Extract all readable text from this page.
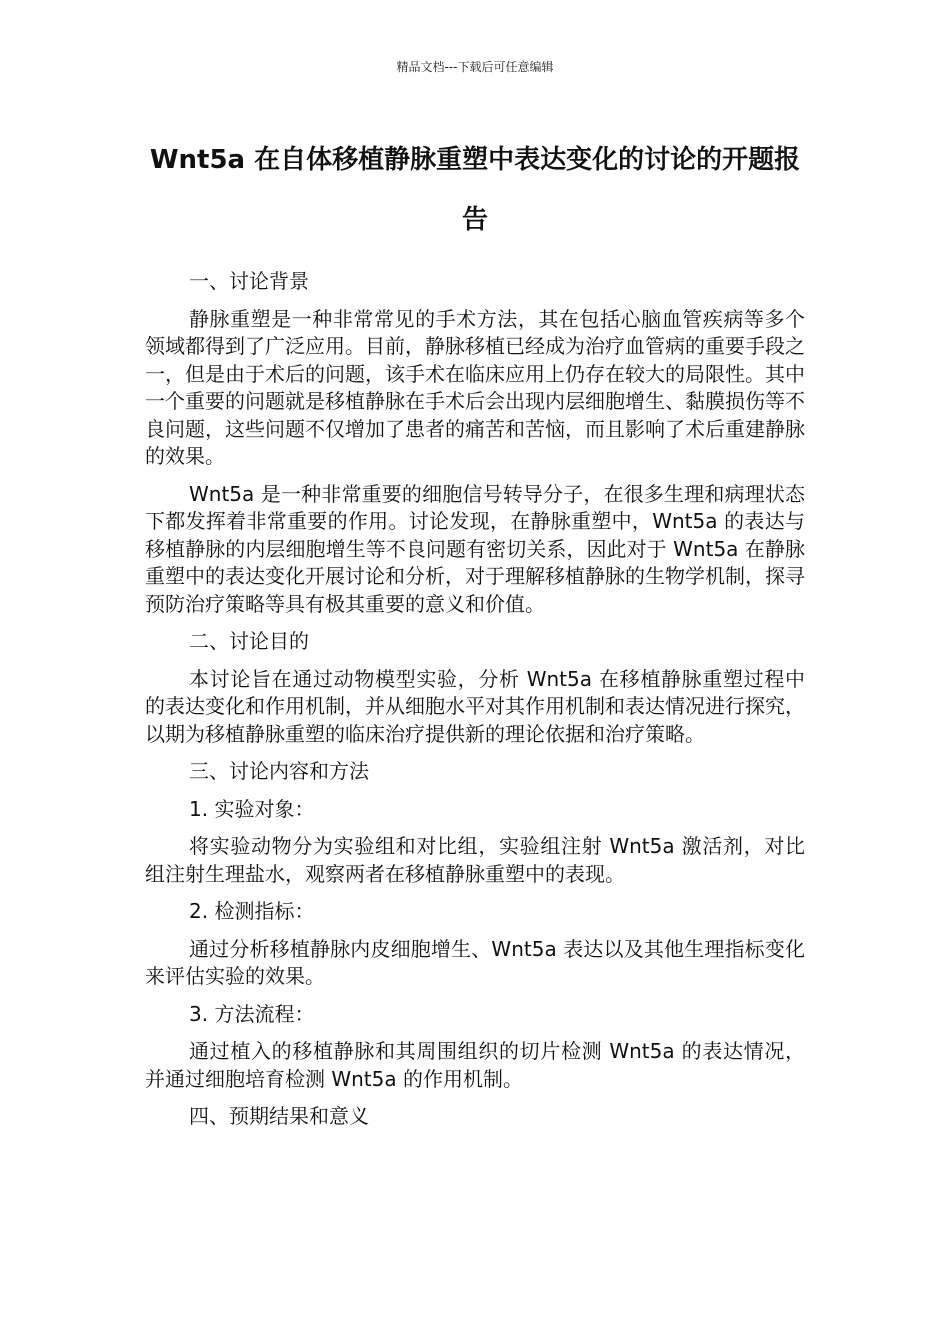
精品文档---下载后可任意编辑
Wnt5a 在自体移植静脉重塑中表达变化的讨论的开题报告

一、讨论背景

静脉重塑是一种非常常见的手术方法，其在包括心脑血管疾病等多个领域都得到了广泛应用。目前，静脉移植已经成为治疗血管病的重要手段之一，但是由于术后的问题，该手术在临床应用上仍存在较大的局限性。其中一个重要的问题就是移植静脉在手术后会出现内层细胞增生、黏膜损伤等不良问题，这些问题不仅增加了患者的痛苦和苦恼，而且影响了术后重建静脉的效果。

Wnt5a 是一种非常重要的细胞信号转导分子，在很多生理和病理状态下都发挥着非常重要的作用。讨论发现，在静脉重塑中，Wnt5a 的表达与移植静脉的内层细胞增生等不良问题有密切关系，因此对于 Wnt5a 在静脉重塑中的表达变化开展讨论和分析，对于理解移植静脉的生物学机制，探寻预防治疗策略等具有极其重要的意义和价值。

二、讨论目的

本讨论旨在通过动物模型实验，分析 Wnt5a 在移植静脉重塑过程中的表达变化和作用机制，并从细胞水平对其作用机制和表达情况进行探究，以期为移植静脉重塑的临床治疗提供新的理论依据和治疗策略。

三、讨论内容和方法

1. 实验对象：

将实验动物分为实验组和对比组，实验组注射 Wnt5a 激活剂，对比组注射生理盐水，观察两者在移植静脉重塑中的表现。

2. 检测指标：

通过分析移植静脉内皮细胞增生、Wnt5a 表达以及其他生理指标变化来评估实验的效果。

3. 方法流程：

通过植入的移植静脉和其周围组织的切片检测 Wnt5a 的表达情况，并通过细胞培育检测 Wnt5a 的作用机制。

四、预期结果和意义
